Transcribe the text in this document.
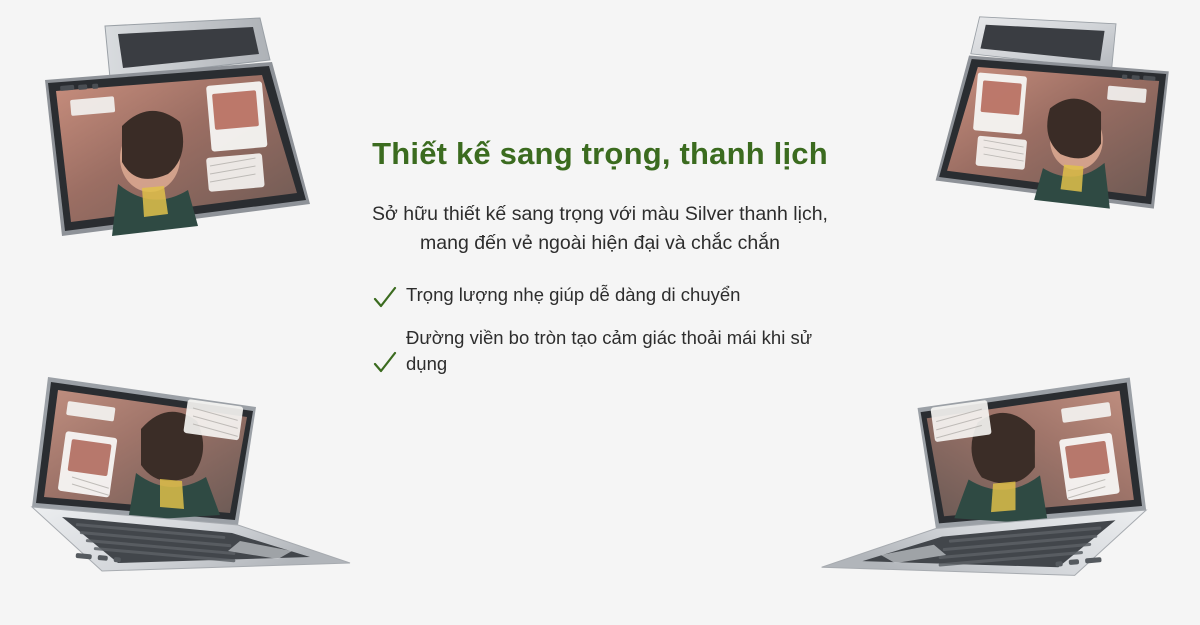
Thiết kế sang trọng, thanh lịch

Sở hữu thiết kế sang trọng với màu Silver thanh lịch,
mang đến vẻ ngoài hiện đại và chắc chắn

Trọng lượng nhẹ giúp dễ dàng di chuyển
Đường viền bo tròn tạo cảm giác thoải mái khi sử dụng
